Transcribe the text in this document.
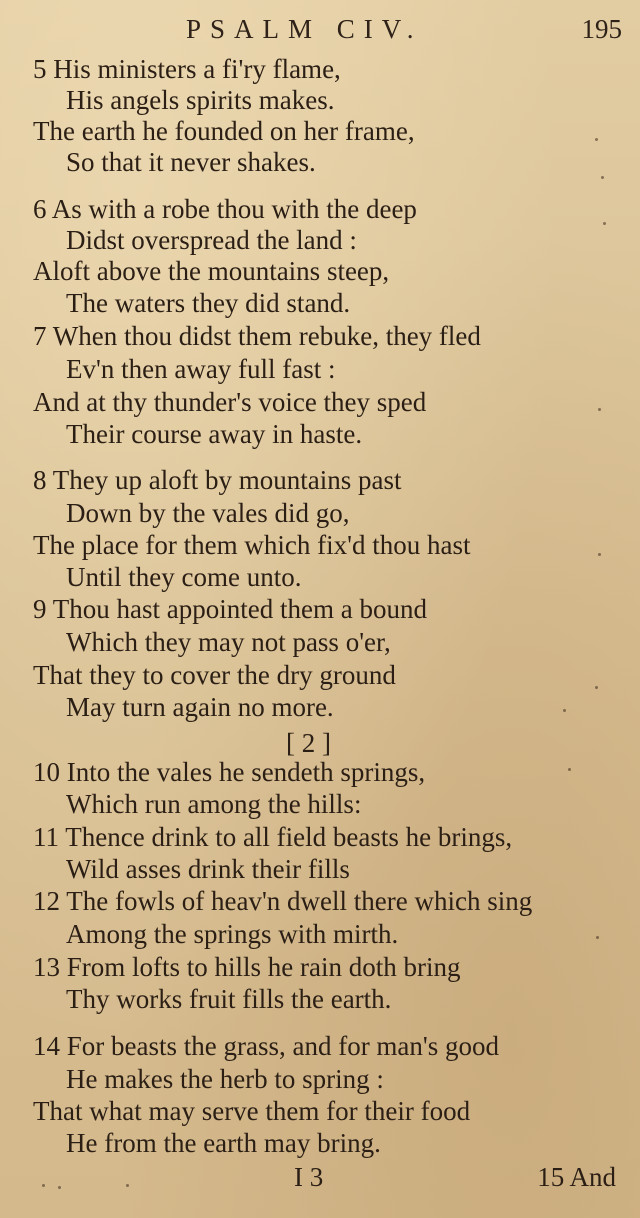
PSALM CIV.	195
5 His ministers a fi'ry flame,
His angels spirits makes.
The earth he founded on her frame,
So that it never shakes.
6 As with a robe thou with the deep
Didst overspread the land :
Aloft above the mountains steep,
The waters they did stand.
7 When thou didst them rebuke, they fled
Ev'n then away full fast :
And at thy thunder's voice they sped
Their course away in haste.
8 They up aloft by mountains past
Down by the vales did go,
The place for them which fix'd thou hast
Until they come unto.
9 Thou hast appointed them a bound
Which they may not pass o'er,
That they to cover the dry ground
May turn again no more.
[ 2 ]
10 Into the vales he sendeth springs,
Which run among the hills:
11 Thence drink to all field beasts he brings,
Wild asses drink their fills
12 The fowls of heav'n dwell there which sing
Among the springs with mirth.
13 From lofts to hills he rain doth bring
Thy works fruit fills the earth.
14 For beasts the grass, and for man's good
He makes the herb to spring :
That what may serve them for their food
He from the earth may bring.
I 3	15 And
